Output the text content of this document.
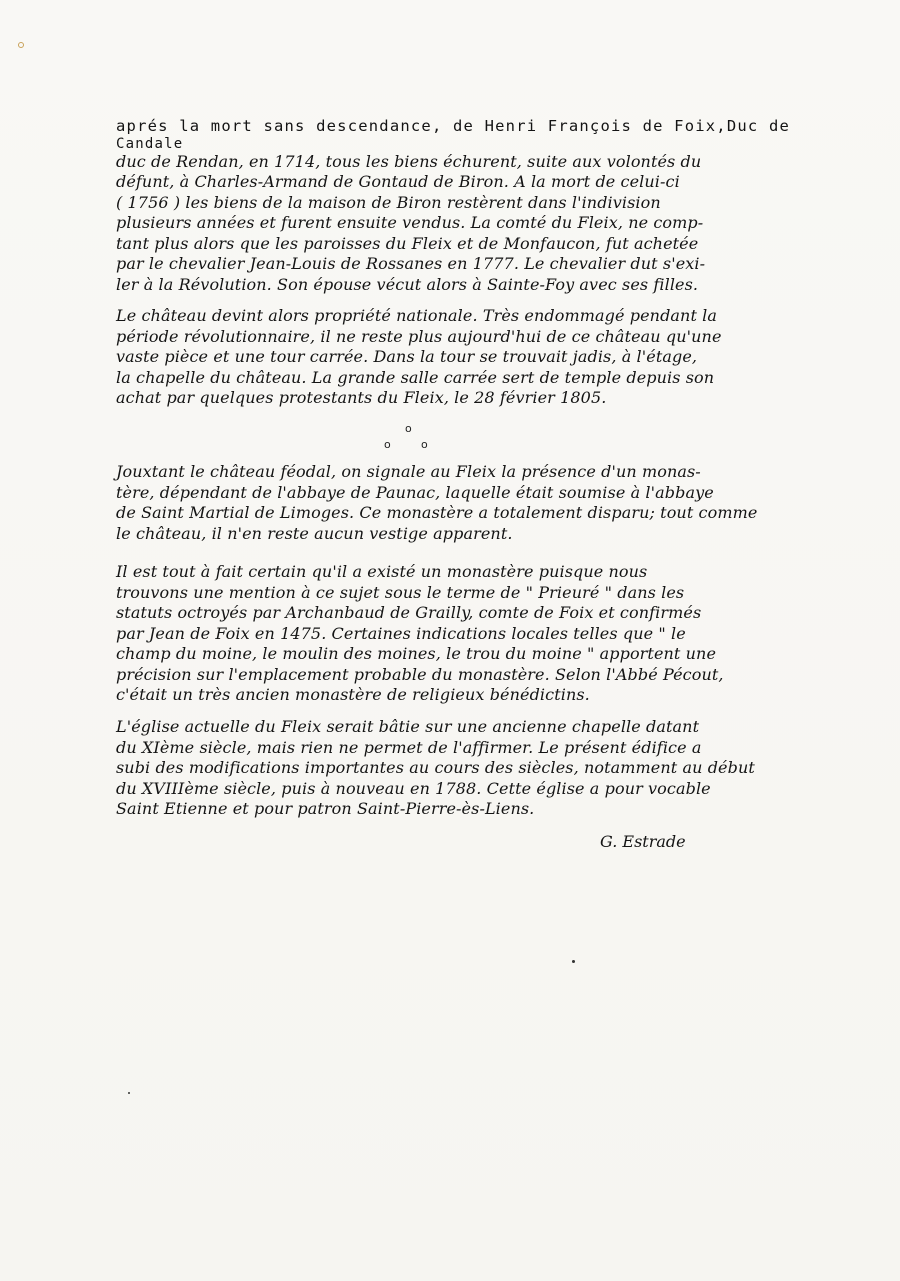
aprés la mort sans descendance, de Henri François de Foix,Duc de
Candale
duc de Rendan, en 1714, tous les biens échurent, suite aux volontés du
défunt, à Charles-Armand de Gontaud de Biron. A la mort de celui-ci
( 1756 ) les biens de la maison de Biron restèrent dans l'indivision
plusieurs années et furent ensuite vendus. La comté du Fleix, ne comp-
tant plus alors que les paroisses du Fleix et de Monfaucon, fut achetée
par le chevalier Jean-Louis de Rossanes en 1777. Le chevalier dut s'exi-
ler à la Révolution. Son épouse vécut alors à Sainte-Foy avec ses filles.
Le château devint alors propriété nationale. Très endommagé pendant la
période révolutionnaire, il ne reste plus aujourd'hui de ce château qu'une
vaste pièce et une tour carrée. Dans la tour se trouvait jadis, à l'étage,
la chapelle du château. La grande salle carrée sert de temple depuis son
achat par quelques protestants du Fleix, le 28 février 1805.
o
o	o
Jouxtant le château féodal, on signale au Fleix la présence d'un monas-
tère, dépendant de l'abbaye de Paunac, laquelle était soumise à l'abbaye
de Saint Martial de Limoges. Ce monastère a totalement disparu; tout comme
le château, il n'en reste aucun vestige apparent.
Il est tout à fait certain qu'il a existé un monastère puisque nous
trouvons une mention à ce sujet sous le terme de " Prieuré " dans les
statuts octroyés par Archanbaud de Grailly, comte de Foix et confirmés
par Jean de Foix en 1475. Certaines indications locales telles que " le
champ du moine, le moulin des moines, le trou du moine " apportent une
précision sur l'emplacement probable du monastère. Selon l'Abbé Pécout,
c'était un très ancien monastère de religieux bénédictins.
L'église actuelle du Fleix serait bâtie sur une ancienne chapelle datant
du XIème siècle, mais rien ne permet de l'affirmer. Le présent édifice a
subi des modifications importantes au cours des siècles, notamment au début
du XVIIIème siècle, puis à nouveau en 1788. Cette église a pour vocable
Saint Etienne et pour patron Saint-Pierre-ès-Liens.
G. Estrade
